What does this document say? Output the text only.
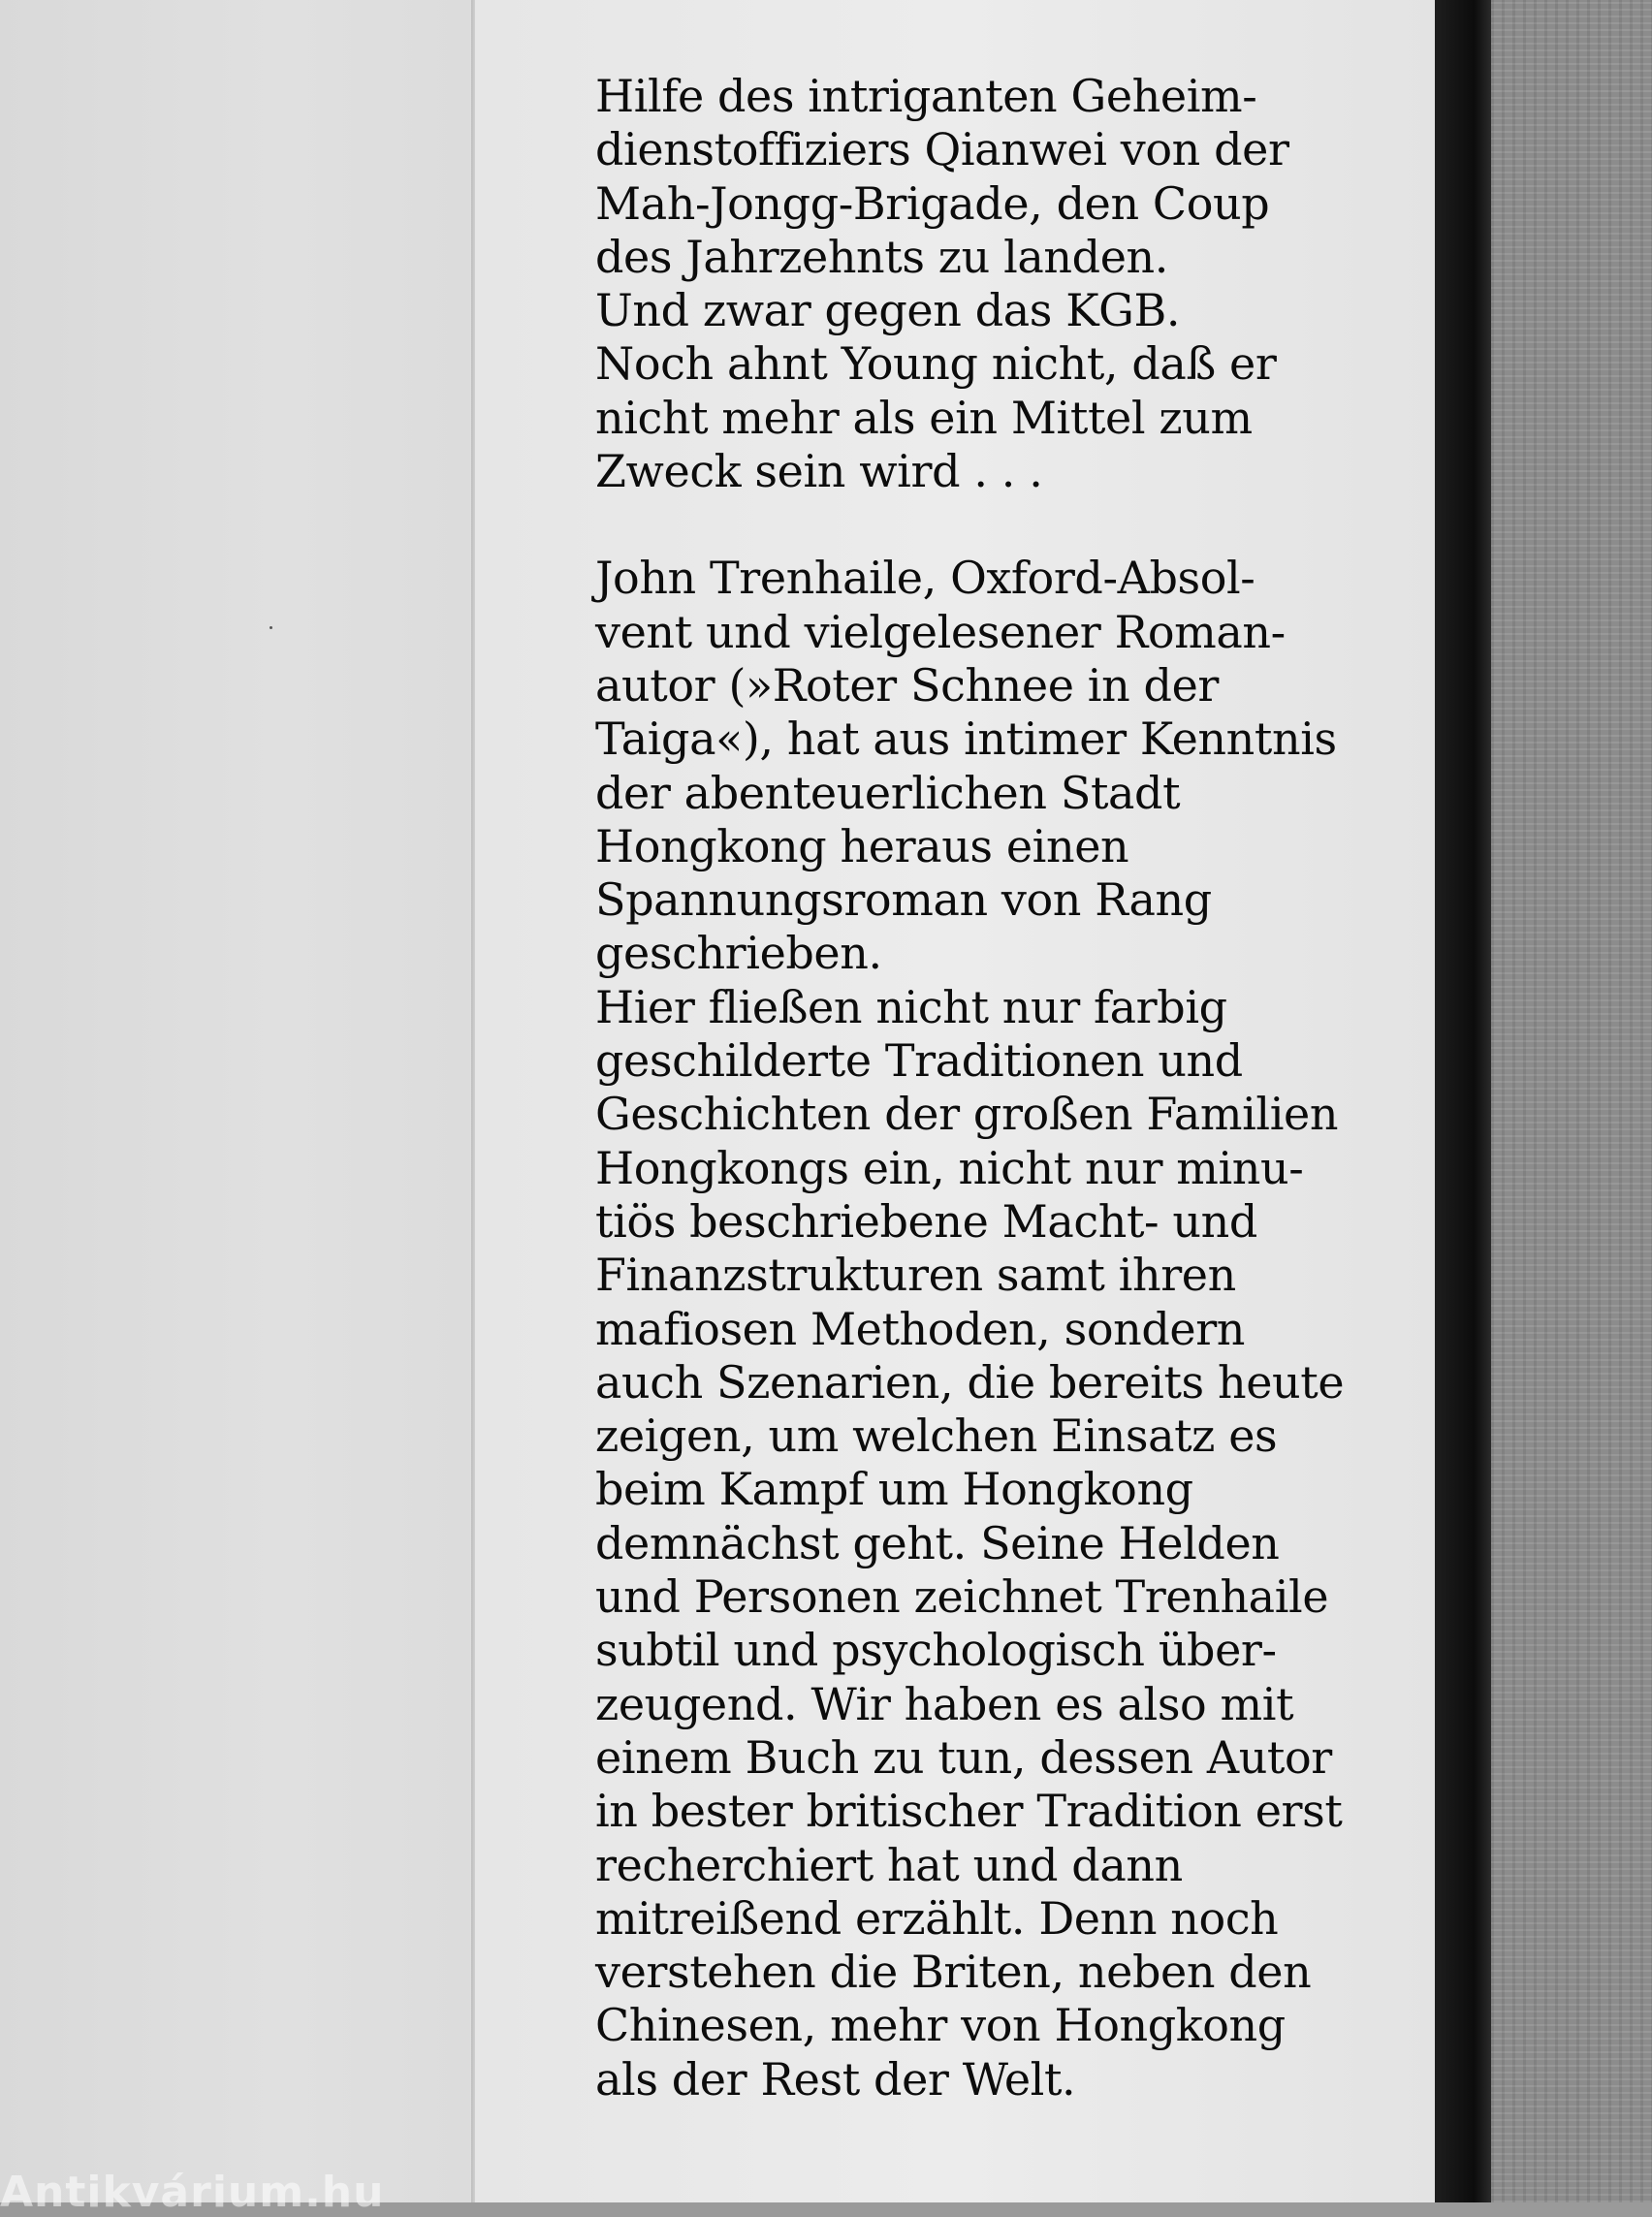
Hilfe des intriganten Geheim-
dienstoffiziers Qianwei von der
Mah-Jongg-Brigade, den Coup
des Jahrzehnts zu landen.
Und zwar gegen das KGB.
Noch ahnt Young nicht, daß er
nicht mehr als ein Mittel zum
Zweck sein wird . . .
John Trenhaile, Oxford-Absol-
vent und vielgelesener Roman-
autor (»Roter Schnee in der
Taiga«), hat aus intimer Kenntnis
der abenteuerlichen Stadt
Hongkong heraus einen
Spannungsroman von Rang
geschrieben.
Hier fließen nicht nur farbig
geschilderte Traditionen und
Geschichten der großen Familien
Hongkongs ein, nicht nur minu-
tiös beschriebene Macht- und
Finanzstrukturen samt ihren
mafiosen Methoden, sondern
auch Szenarien, die bereits heute
zeigen, um welchen Einsatz es
beim Kampf um Hongkong
demnächst geht. Seine Helden
und Personen zeichnet Trenhaile
subtil und psychologisch über-
zeugend. Wir haben es also mit
einem Buch zu tun, dessen Autor
in bester britischer Tradition erst
recherchiert hat und dann
mitreißend erzählt. Denn noch
verstehen die Briten, neben den
Chinesen, mehr von Hongkong
als der Rest der Welt.
Antikvárium.hu
